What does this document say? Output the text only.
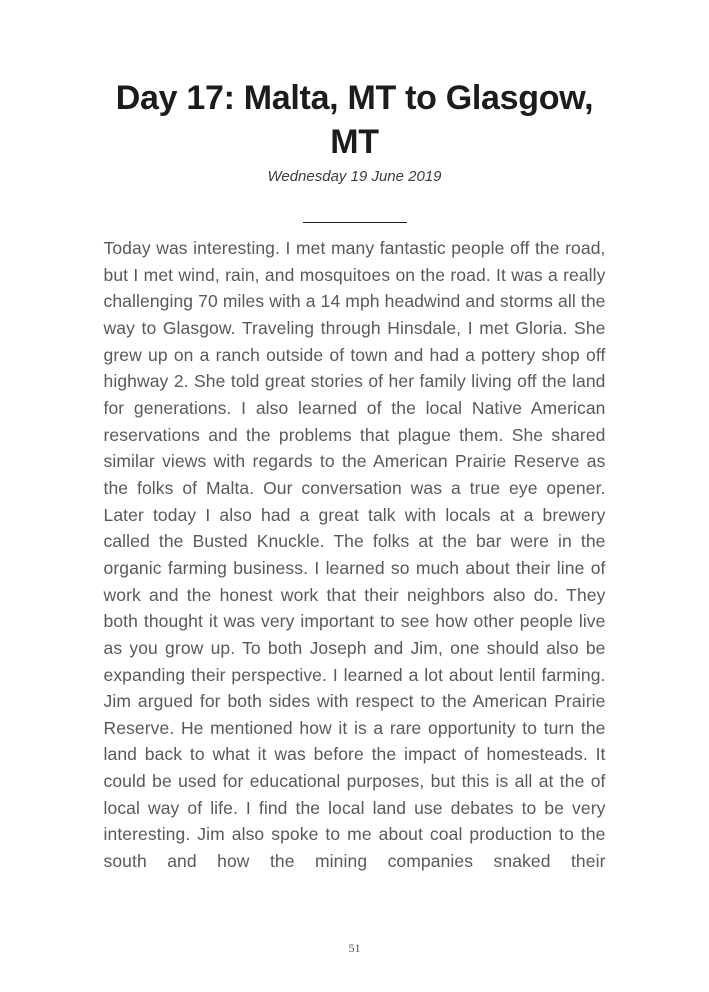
Day 17: Malta, MT to Glasgow, MT
Wednesday 19 June 2019

Today was interesting. I met many fantastic people off the road, but I met wind, rain, and mosquitoes on the road. It was a really challenging 70 miles with a 14 mph headwind and storms all the way to Glasgow. Traveling through Hinsdale, I met Gloria. She grew up on a ranch outside of town and had a pottery shop off highway 2. She told great stories of her family living off the land for generations. I also learned of the local Native American reservations and the problems that plague them. She shared similar views with regards to the American Prairie Reserve as the folks of Malta. Our conversation was a true eye opener. Later today I also had a great talk with locals at a brewery called the Busted Knuckle. The folks at the bar were in the organic farming business. I learned so much about their line of work and the honest work that their neighbors also do. They both thought it was very important to see how other people live as you grow up. To both Joseph and Jim, one should also be expanding their perspective. I learned a lot about lentil farming. Jim argued for both sides with respect to the American Prairie Reserve. He mentioned how it is a rare opportunity to turn the land back to what it was before the impact of homesteads. It could be used for educational purposes, but this is all at the of local way of life. I find the local land use debates to be very interesting. Jim also spoke to me about coal production to the south and how the mining companies snaked their

51
